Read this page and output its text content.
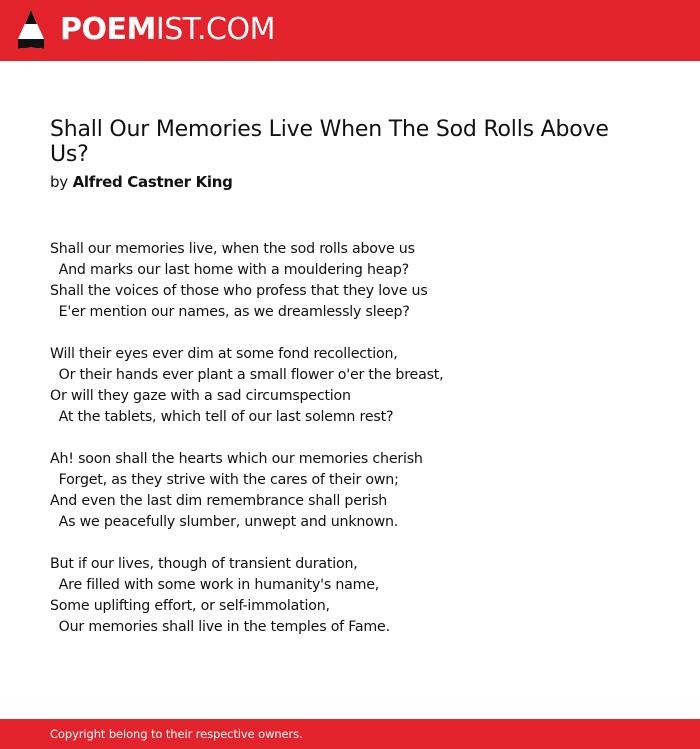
POEMIST.COM
Shall Our Memories Live When The Sod Rolls Above Us?
by Alfred Castner King
Shall our memories live, when the sod rolls above us
And marks our last home with a mouldering heap?
Shall the voices of those who profess that they love us
E'er mention our names, as we dreamlessly sleep?
Will their eyes ever dim at some fond recollection,
Or their hands ever plant a small flower o'er the breast,
Or will they gaze with a sad circumspection
At the tablets, which tell of our last solemn rest?
Ah! soon shall the hearts which our memories cherish
Forget, as they strive with the cares of their own;
And even the last dim remembrance shall perish
As we peacefully slumber, unwept and unknown.
But if our lives, though of transient duration,
Are filled with some work in humanity's name,
Some uplifting effort, or self-immolation,
Our memories shall live in the temples of Fame.
Copyright belong to their respective owners.
